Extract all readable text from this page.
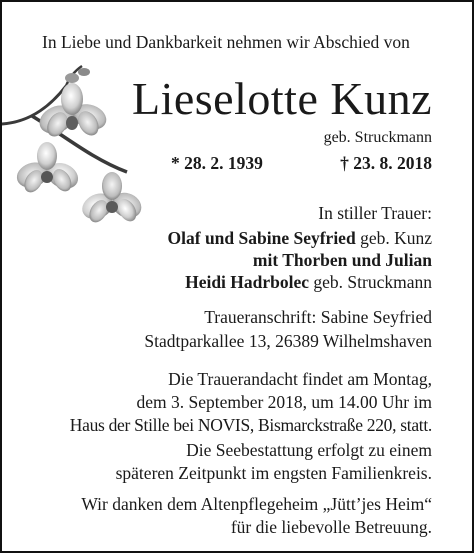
In Liebe und Dankbarkeit nehmen wir Abschied von
Lieselotte Kunz
geb. Struckmann
* 28. 2. 1939	† 23. 8. 2018
In stiller Trauer:
Olaf und Sabine Seyfried geb. Kunz
mit Thorben und Julian
Heidi Hadrbolec geb. Struckmann
Traueranschrift: Sabine Seyfried
Stadtparkallee 13, 26389 Wilhelmshaven
Die Trauerandacht findet am Montag,
dem 3. September 2018, um 14.00 Uhr im
Haus der Stille bei NOVIS, Bismarckstraße 220, statt.
Die Seebestattung erfolgt zu einem
späteren Zeitpunkt im engsten Familienkreis.
Wir danken dem Altenpflegeheim „Jütt’jes Heim“
für die liebevolle Betreuung.
